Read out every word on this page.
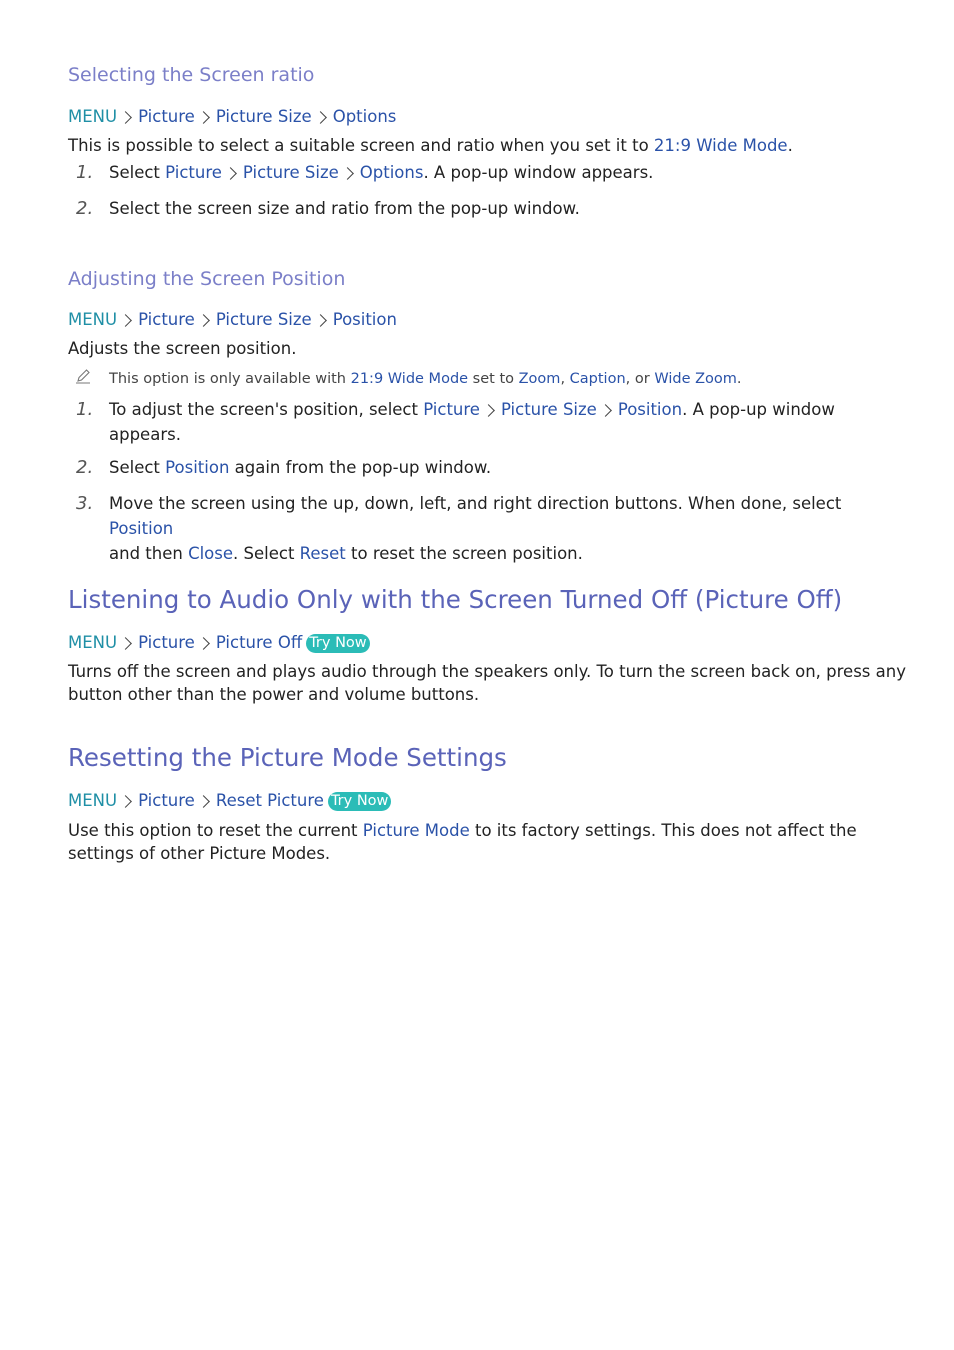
Selecting the Screen ratio
MENU Picture Picture Size Options
This is possible to select a suitable screen and ratio when you set it to 21:9 Wide Mode.
1. Select Picture Picture Size Options. A pop-up window appears.
2. Select the screen size and ratio from the pop-up window.
Adjusting the Screen Position
MENU Picture Picture Size Position
Adjusts the screen position.
This option is only available with 21:9 Wide Mode set to Zoom, Caption, or Wide Zoom.
1. To adjust the screen's position, select Picture Picture Size Position. A pop-up window
appears.
2. Select Position again from the pop-up window.
3. Move the screen using the up, down, left, and right direction buttons. When done, select Position
and then Close. Select Reset to reset the screen position.
Listening to Audio Only with the Screen Turned Off (Picture Off)
MENU Picture Picture Off Try Now
Turns off the screen and plays audio through the speakers only. To turn the screen back on, press any
button other than the power and volume buttons.
Resetting the Picture Mode Settings
MENU Picture Reset Picture Try Now
Use this option to reset the current Picture Mode to its factory settings. This does not affect the
settings of other Picture Modes.
